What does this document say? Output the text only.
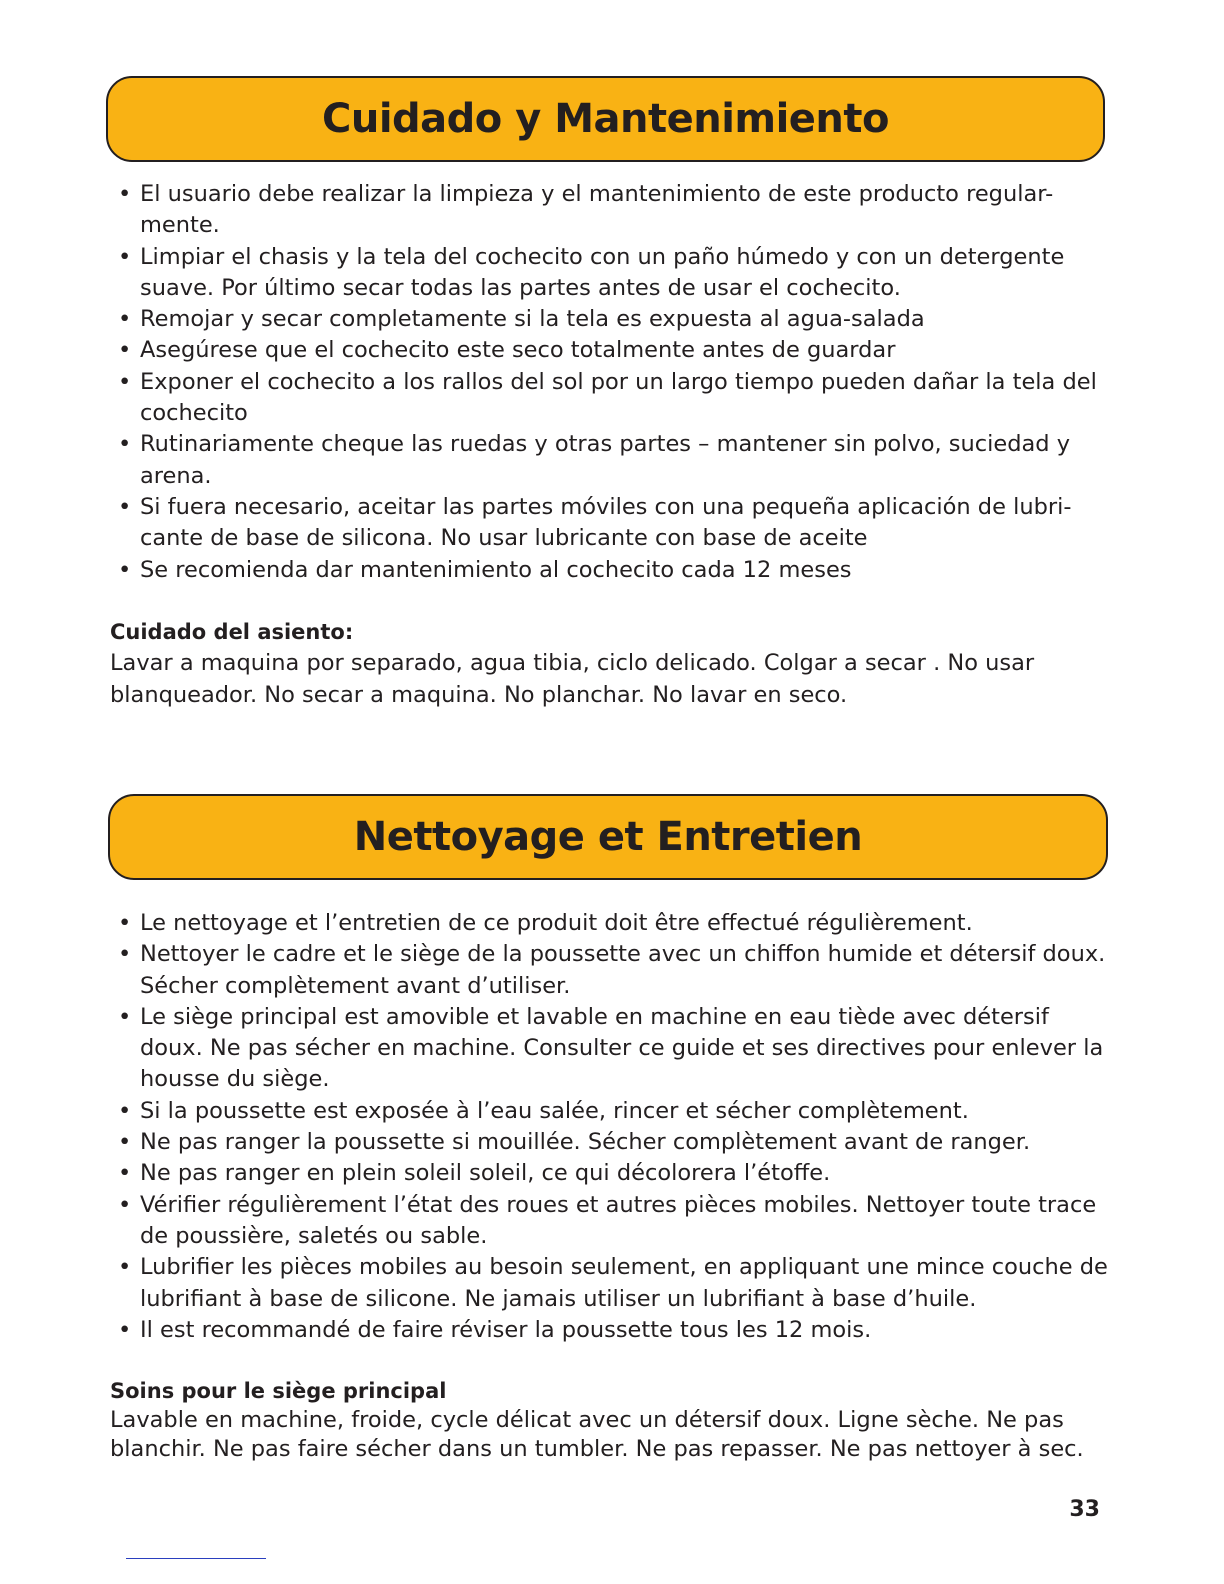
Cuidado y Mantenimiento
• El usuario debe realizar la limpieza y el mantenimiento de este producto regular-mente.
• Limpiar el chasis y la tela del cochecito con un paño húmedo y con un detergente suave. Por último secar todas las partes antes de usar el cochecito.
• Remojar y secar completamente si la tela es expuesta al agua-salada
• Asegúrese que el cochecito este seco totalmente antes de guardar
• Exponer el cochecito a los rallos del sol por un largo tiempo pueden dañar la tela del cochecito
• Rutinariamente cheque las ruedas y otras partes – mantener sin polvo, suciedad y arena.
• Si fuera necesario, aceitar las partes móviles con una pequeña aplicación de lubri-cante de base de silicona. No usar lubricante con base de aceite
• Se recomienda dar mantenimiento al cochecito cada 12 meses
Cuidado del asiento:
Lavar a maquina por separado, agua tibia, ciclo delicado. Colgar a secar . No usar blanqueador. No secar a maquina. No planchar. No lavar en seco.
Nettoyage et Entretien
• Le nettoyage et l’entretien de ce produit doit être effectué régulièrement.
• Nettoyer le cadre et le siège de la poussette avec un chiffon humide et détersif doux. Sécher complètement avant d’utiliser.
• Le siège principal est amovible et lavable en machine en eau tiède avec détersif doux. Ne pas sécher en machine. Consulter ce guide et ses directives pour enlever la housse du siège.
• Si la poussette est exposée à l’eau salée, rincer et sécher complètement.
• Ne pas ranger la poussette si mouillée. Sécher complètement avant de ranger.
• Ne pas ranger en plein soleil soleil, ce qui décolorera l’étoffe.
• Vérifier régulièrement l’état des roues et autres pièces mobiles. Nettoyer toute trace de poussière, saletés ou sable.
• Lubrifier les pièces mobiles au besoin seulement, en appliquant une mince couche de lubrifiant à base de silicone. Ne jamais utiliser un lubrifiant à base d’huile.
• Il est recommandé de faire réviser la poussette tous les 12 mois.
Soins pour le siège principal
Lavable en machine, froide, cycle délicat avec un détersif doux. Ligne sèche. Ne pas blanchir. Ne pas faire sécher dans un tumbler. Ne pas repasser. Ne pas nettoyer à sec.
33
